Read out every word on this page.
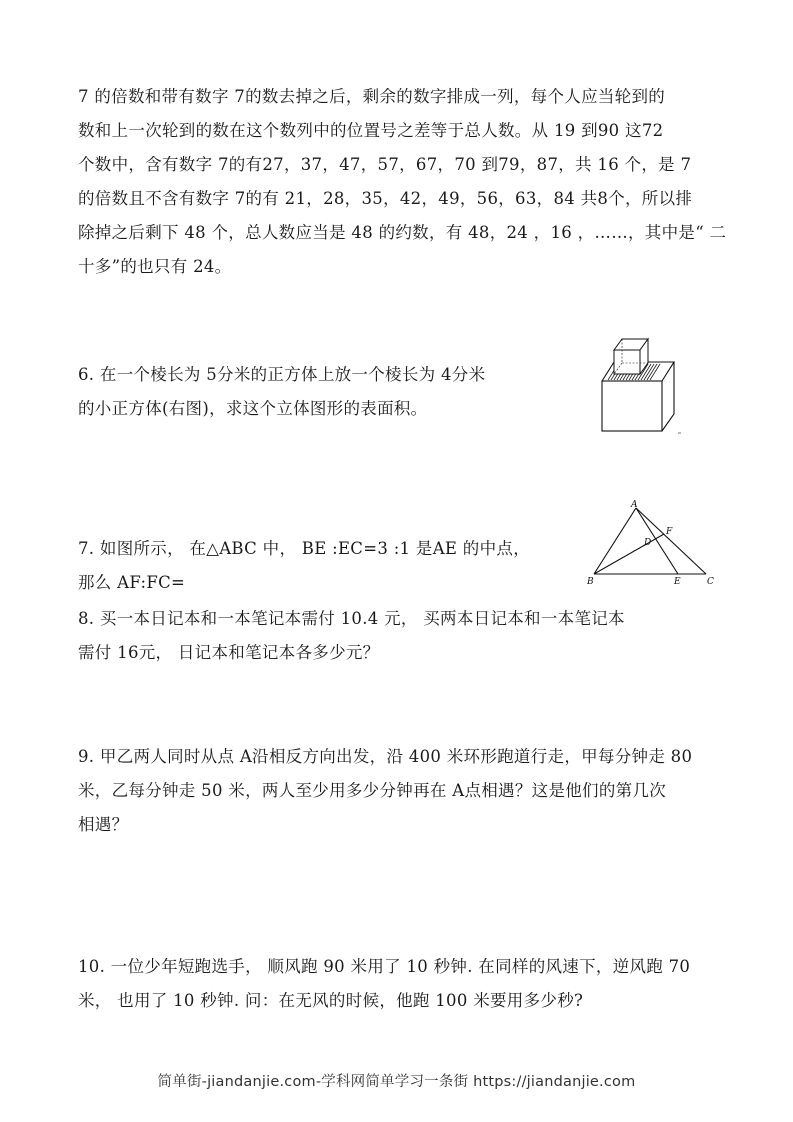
7 的倍数和带有数字 7的数去掉之后，剩余的数字排成一列，每个人应当轮到的
数和上一次轮到的数在这个数列中的位置号之差等于总人数。从 19 到90 这72
个数中，含有数字 7的有27，37，47，57，67，70 到79，87，共 16 个，是 7
的倍数且不含有数字 7的有 21，28，35，42，49，56，63，84 共8个，所以排
除掉之后剩下 48 个，总人数应当是 48 的约数，有 48，24 ，16 ，……，其中是“ 二
十多”的也只有 24。
6. 在一个棱长为 5分米的正方体上放一个棱长为 4分米
的小正方体(右图)，求这个立体图形的表面积。
7. 如图所示， 在△ABC 中， BE :EC=3 :1 是AE 的中点，
那么 AF:FC=
A
B	C
D
E
F
8. 买一本日记本和一本笔记本需付 10.4 元， 买两本日记本和一本笔记本
需付 16元， 日记本和笔记本各多少元？
9. 甲乙两人同时从点 A沿相反方向出发，沿 400 米环形跑道行走，甲每分钟走 80
米，乙每分钟走 50 米，两人至少用多少分钟再在 A点相遇？这是他们的第几次
相遇？
10. 一位少年短跑选手， 顺风跑 90 米用了 10 秒钟. 在同样的风速下，逆风跑 70
米， 也用了 10 秒钟. 问：在无风的时候，他跑 100 米要用多少秒?
简单街-jiandanjie.com-学科网简单学习一条街 https://jiandanjie.com
